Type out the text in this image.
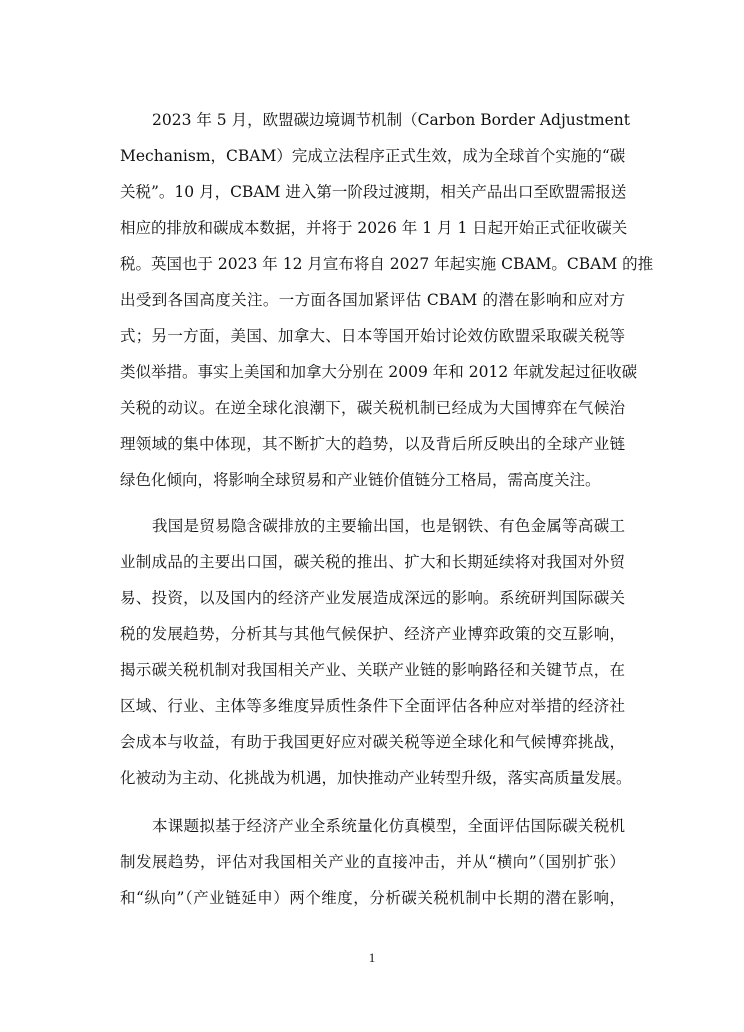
2023 年 5 月，欧盟碳边境调节机制（Carbon Border Adjustment
Mechanism，CBAM）完成立法程序正式生效，成为全球首个实施的“碳
关税”。10 月，CBAM 进入第一阶段过渡期，相关产品出口至欧盟需报送
相应的排放和碳成本数据，并将于 2026 年 1 月 1 日起开始正式征收碳关
税。英国也于 2023 年 12 月宣布将自 2027 年起实施 CBAM。CBAM 的推
出受到各国高度关注。一方面各国加紧评估 CBAM 的潜在影响和应对方
式；另一方面，美国、加拿大、日本等国开始讨论效仿欧盟采取碳关税等
类似举措。事实上美国和加拿大分别在 2009 年和 2012 年就发起过征收碳
关税的动议。在逆全球化浪潮下，碳关税机制已经成为大国博弈在气候治
理领域的集中体现，其不断扩大的趋势，以及背后所反映出的全球产业链
绿色化倾向，将影响全球贸易和产业链价值链分工格局，需高度关注。
我国是贸易隐含碳排放的主要输出国，也是钢铁、有色金属等高碳工
业制成品的主要出口国，碳关税的推出、扩大和长期延续将对我国对外贸
易、投资，以及国内的经济产业发展造成深远的影响。系统研判国际碳关
税的发展趋势，分析其与其他气候保护、经济产业博弈政策的交互影响，
揭示碳关税机制对我国相关产业、关联产业链的影响路径和关键节点，在
区域、行业、主体等多维度异质性条件下全面评估各种应对举措的经济社
会成本与收益，有助于我国更好应对碳关税等逆全球化和气候博弈挑战，
化被动为主动、化挑战为机遇，加快推动产业转型升级，落实高质量发展。
本课题拟基于经济产业全系统量化仿真模型，全面评估国际碳关税机
制发展趋势，评估对我国相关产业的直接冲击，并从“横向”（国别扩张）
和“纵向”（产业链延申）两个维度，分析碳关税机制中长期的潜在影响，
1
